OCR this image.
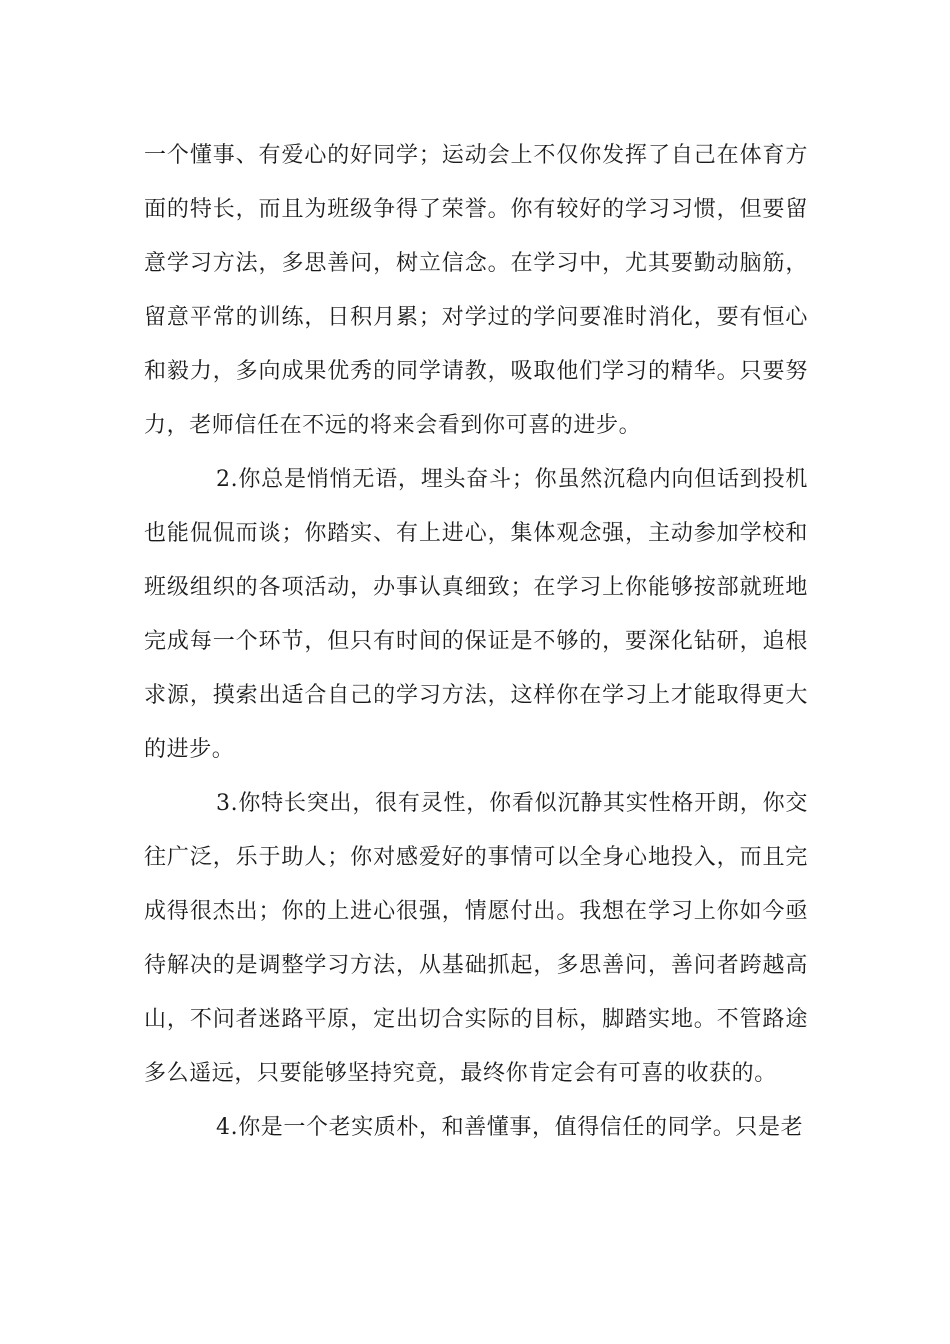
一个懂事、有爱心的好同学；运动会上不仅你发挥了自己在体育方面的特长，而且为班级争得了荣誉。你有较好的学习习惯，但要留意学习方法，多思善问，树立信念。在学习中，尤其要勤动脑筋，留意平常的训练，日积月累；对学过的学问要准时消化，要有恒心和毅力，多向成果优秀的同学请教，吸取他们学习的精华。只要努力，老师信任在不远的将来会看到你可喜的进步。

2.你总是悄悄无语，埋头奋斗；你虽然沉稳内向但话到投机也能侃侃而谈；你踏实、有上进心，集体观念强，主动参加学校和班级组织的各项活动，办事认真细致；在学习上你能够按部就班地完成每一个环节，但只有时间的保证是不够的，要深化钻研，追根求源，摸索出适合自己的学习方法，这样你在学习上才能取得更大的进步。

3.你特长突出，很有灵性，你看似沉静其实性格开朗，你交往广泛，乐于助人；你对感爱好的事情可以全身心地投入，而且完成得很杰出；你的上进心很强，情愿付出。我想在学习上你如今亟待解决的是调整学习方法，从基础抓起，多思善问，善问者跨越高山，不问者迷路平原，定出切合实际的目标，脚踏实地。不管路途多么遥远，只要能够坚持究竟，最终你肯定会有可喜的收获的。

4.你是一个老实质朴，和善懂事，值得信任的同学。只是老
